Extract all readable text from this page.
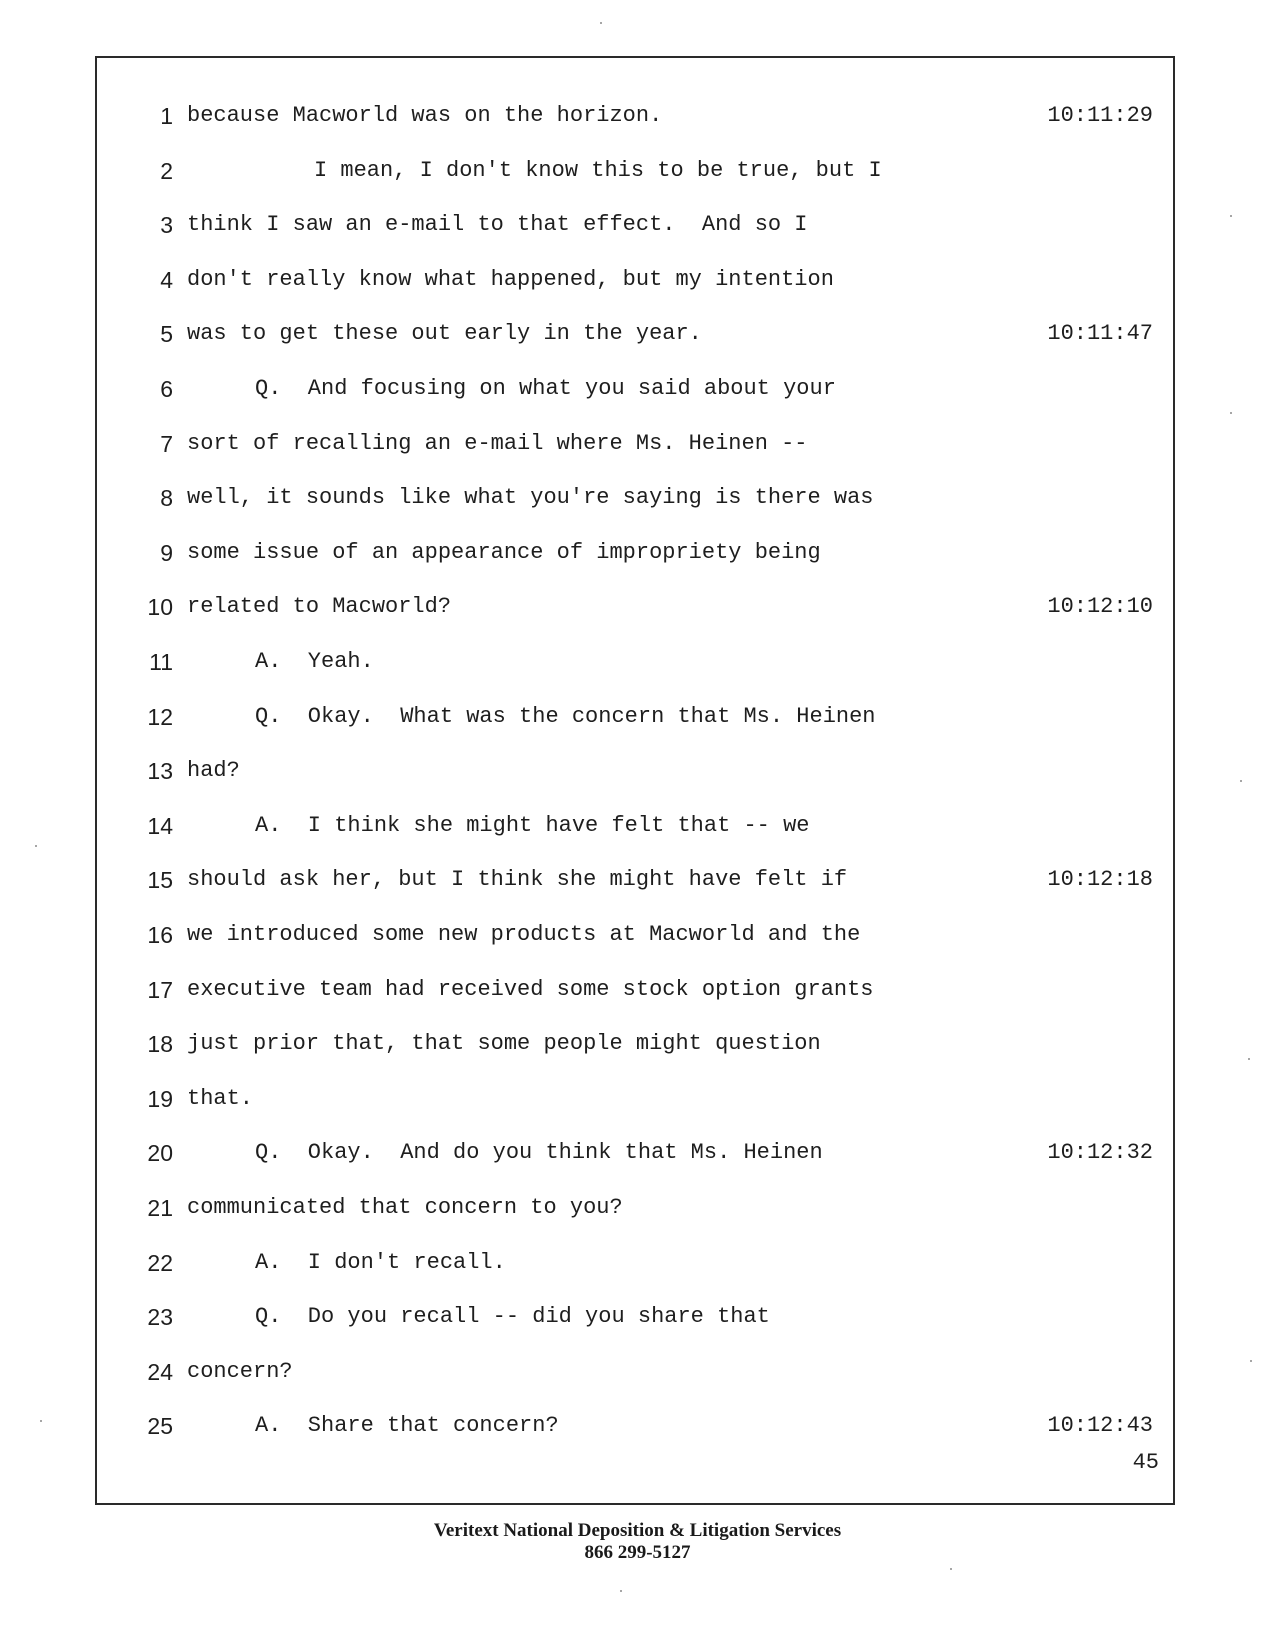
1 because Macworld was on the horizon.	10:11:29
2	I mean, I don't know this to be true, but I
3 think I saw an e-mail to that effect.  And so I
4 don't really know what happened, but my intention
5 was to get these out early in the year.	10:11:47
6	Q.  And focusing on what you said about your
7 sort of recalling an e-mail where Ms. Heinen --
8 well, it sounds like what you're saying is there was
9 some issue of an appearance of impropriety being
10 related to Macworld?	10:12:10
11	A.  Yeah.
12	Q.  Okay.  What was the concern that Ms. Heinen
13 had?
14	A.  I think she might have felt that -- we
15 should ask her, but I think she might have felt if	10:12:18
16 we introduced some new products at Macworld and the
17 executive team had received some stock option grants
18 just prior that, that some people might question
19 that.
20	Q.  Okay.  And do you think that Ms. Heinen	10:12:32
21 communicated that concern to you?
22	A.  I don't recall.
23	Q.  Do you recall -- did you share that
24 concern?
25	A.  Share that concern?	10:12:43
45
Veritext National Deposition & Litigation Services
866 299-5127
